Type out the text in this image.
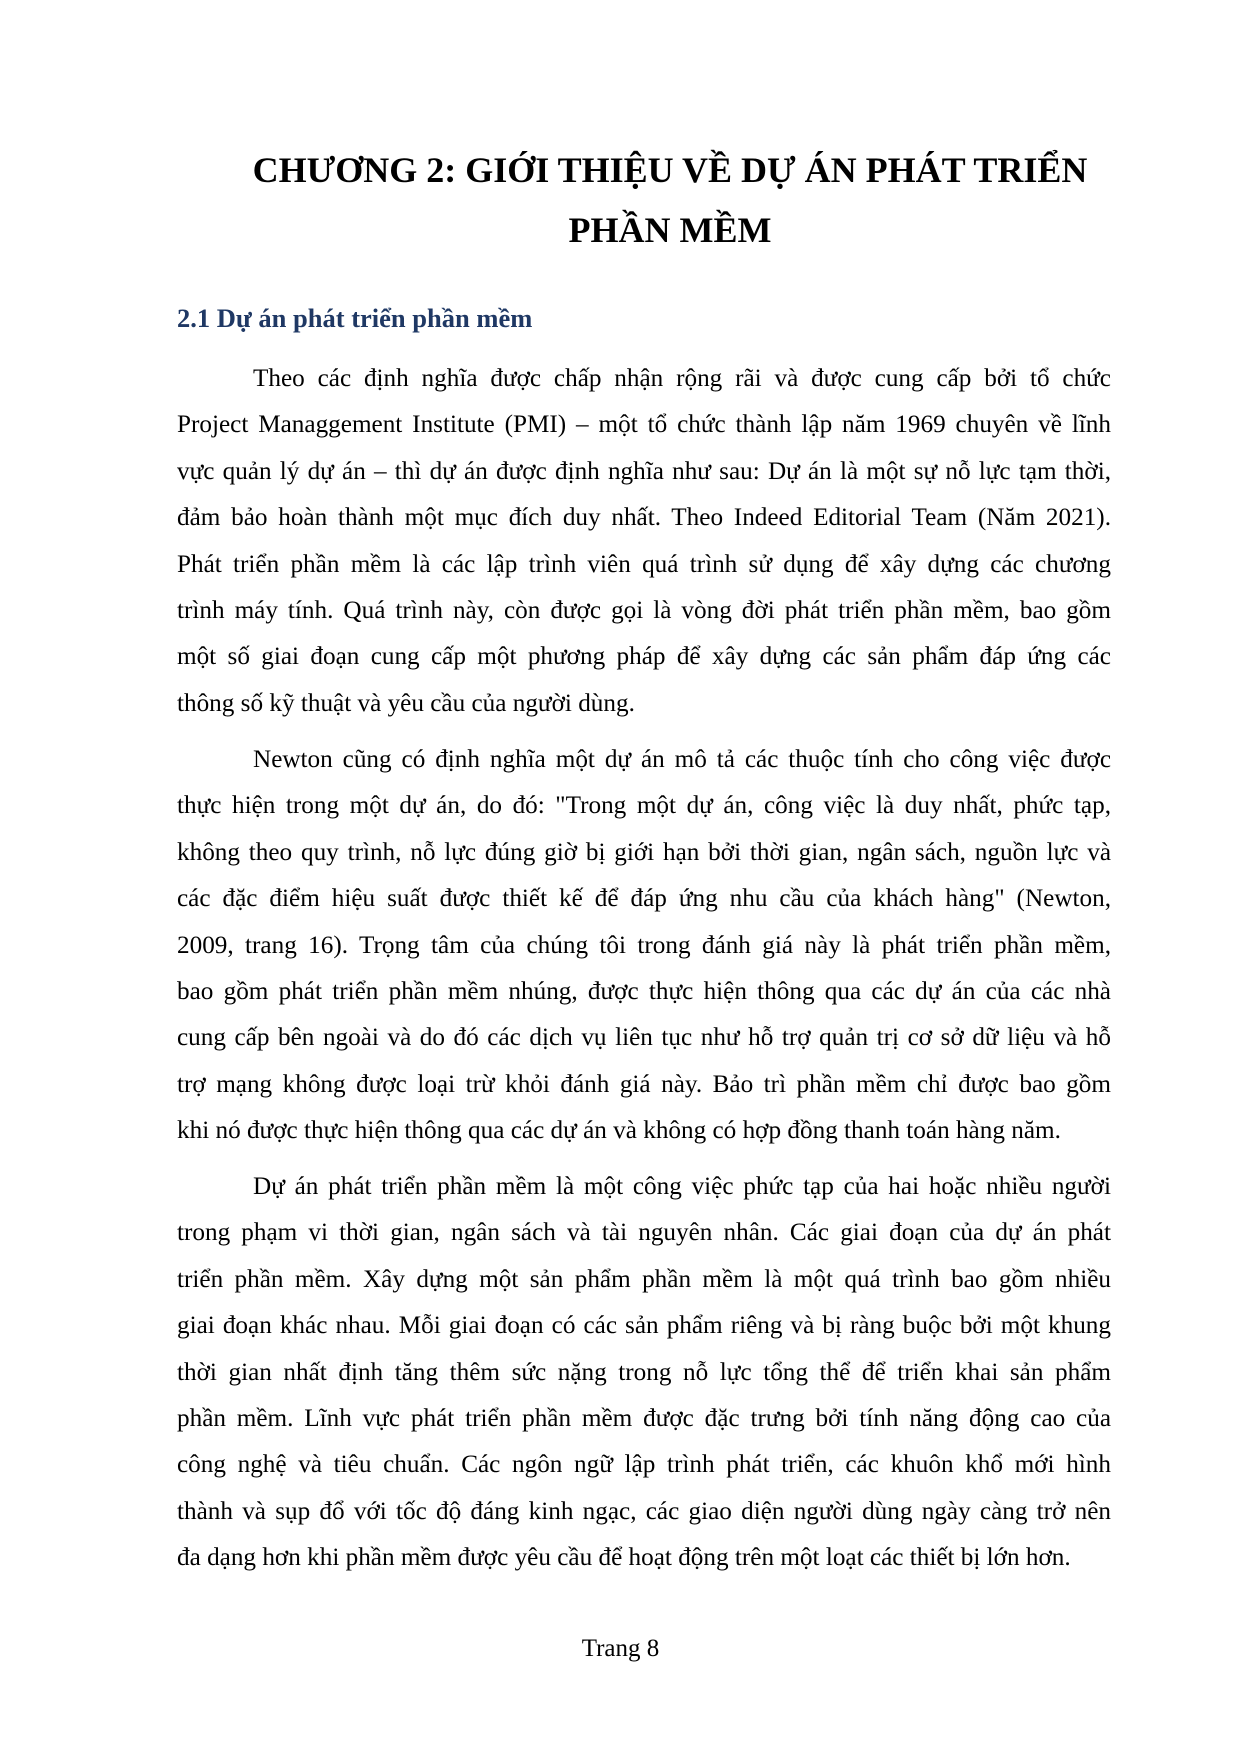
CHƯƠNG 2: GIỚI THIỆU VỀ DỰ ÁN PHÁT TRIỂN
PHẦN MỀM
2.1 Dự án phát triển phần mềm
Theo các định nghĩa được chấp nhận rộng rãi và được cung cấp bởi tổ chức
Project Managgement Institute (PMI) – một tổ chức thành lập năm 1969 chuyên về lĩnh
vực quản lý dự án – thì dự án được định nghĩa như sau: Dự án là một sự nỗ lực tạm thời,
đảm bảo hoàn thành một mục đích duy nhất. Theo Indeed Editorial Team (Năm 2021).
Phát triển phần mềm là các lập trình viên quá trình sử dụng để xây dựng các chương
trình máy tính. Quá trình này, còn được gọi là vòng đời phát triển phần mềm, bao gồm
một số giai đoạn cung cấp một phương pháp để xây dựng các sản phẩm đáp ứng các
thông số kỹ thuật và yêu cầu của người dùng.
Newton cũng có định nghĩa một dự án mô tả các thuộc tính cho công việc được
thực hiện trong một dự án, do đó: "Trong một dự án, công việc là duy nhất, phức tạp,
không theo quy trình, nỗ lực đúng giờ bị giới hạn bởi thời gian, ngân sách, nguồn lực và
các đặc điểm hiệu suất được thiết kế để đáp ứng nhu cầu của khách hàng" (Newton,
2009, trang 16). Trọng tâm của chúng tôi trong đánh giá này là phát triển phần mềm,
bao gồm phát triển phần mềm nhúng, được thực hiện thông qua các dự án của các nhà
cung cấp bên ngoài và do đó các dịch vụ liên tục như hỗ trợ quản trị cơ sở dữ liệu và hỗ
trợ mạng không được loại trừ khỏi đánh giá này. Bảo trì phần mềm chỉ được bao gồm
khi nó được thực hiện thông qua các dự án và không có hợp đồng thanh toán hàng năm.
Dự án phát triển phần mềm là một công việc phức tạp của hai hoặc nhiều người
trong phạm vi thời gian, ngân sách và tài nguyên nhân. Các giai đoạn của dự án phát
triển phần mềm. Xây dựng một sản phẩm phần mềm là một quá trình bao gồm nhiều
giai đoạn khác nhau. Mỗi giai đoạn có các sản phẩm riêng và bị ràng buộc bởi một khung
thời gian nhất định tăng thêm sức nặng trong nỗ lực tổng thể để triển khai sản phẩm
phần mềm. Lĩnh vực phát triển phần mềm được đặc trưng bởi tính năng động cao của
công nghệ và tiêu chuẩn. Các ngôn ngữ lập trình phát triển, các khuôn khổ mới hình
thành và sụp đổ với tốc độ đáng kinh ngạc, các giao diện người dùng ngày càng trở nên
đa dạng hơn khi phần mềm được yêu cầu để hoạt động trên một loạt các thiết bị lớn hơn.
Trang 8
